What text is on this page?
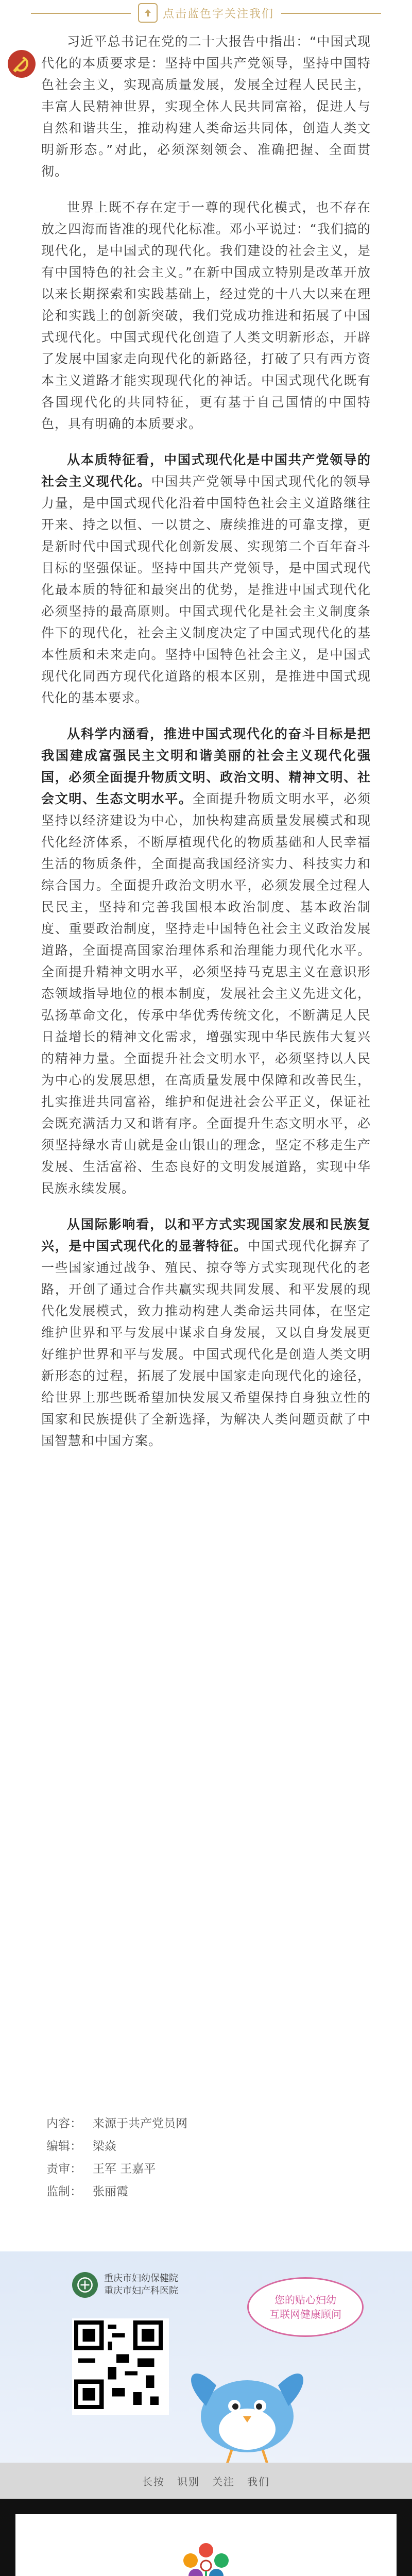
点击蓝色字关注我们

习近平总书记在党的二十大报告中指出：“中国式现代化的本质要求是：坚持中国共产党领导，坚持中国特色社会主义，实现高质量发展，发展全过程人民民主，丰富人民精神世界，实现全体人民共同富裕，促进人与自然和谐共生，推动构建人类命运共同体，创造人类文明新形态。”对此，必须深刻领会、准确把握、全面贯彻。

世界上既不存在定于一尊的现代化模式，也不存在放之四海而皆准的现代化标准。邓小平说过：“我们搞的现代化，是中国式的现代化。我们建设的社会主义，是有中国特色的社会主义。”在新中国成立特别是改革开放以来长期探索和实践基础上，经过党的十八大以来在理论和实践上的创新突破，我们党成功推进和拓展了中国式现代化。中国式现代化创造了人类文明新形态，开辟了发展中国家走向现代化的新路径，打破了只有西方资本主义道路才能实现现代化的神话。中国式现代化既有各国现代化的共同特征，更有基于自己国情的中国特色，具有明确的本质要求。

从本质特征看，中国式现代化是中国共产党领导的社会主义现代化。中国共产党领导中国式现代化的领导力量，是中国式现代化沿着中国特色社会主义道路继往开来、持之以恒、一以贯之、赓续推进的可靠支撑，更是新时代中国式现代化创新发展、实现第二个百年奋斗目标的坚强保证。坚持中国共产党领导，是中国式现代化最本质的特征和最突出的优势，是推进中国式现代化必须坚持的最高原则。中国式现代化是社会主义制度条件下的现代化，社会主义制度决定了中国式现代化的基本性质和未来走向。坚持中国特色社会主义，是中国式现代化同西方现代化道路的根本区别，是推进中国式现代化的基本要求。

从科学内涵看，推进中国式现代化的奋斗目标是把我国建成富强民主文明和谐美丽的社会主义现代化强国，必须全面提升物质文明、政治文明、精神文明、社会文明、生态文明水平。全面提升物质文明水平，必须坚持以经济建设为中心，加快构建高质量发展模式和现代化经济体系，不断厚植现代化的物质基础和人民幸福生活的物质条件，全面提高我国经济实力、科技实力和综合国力。全面提升政治文明水平，必须发展全过程人民民主，坚持和完善我国根本政治制度、基本政治制度、重要政治制度，坚持走中国特色社会主义政治发展道路，全面提高国家治理体系和治理能力现代化水平。全面提升精神文明水平，必须坚持马克思主义在意识形态领域指导地位的根本制度，发展社会主义先进文化，弘扬革命文化，传承中华优秀传统文化，不断满足人民日益增长的精神文化需求，增强实现中华民族伟大复兴的精神力量。全面提升社会文明水平，必须坚持以人民为中心的发展思想，在高质量发展中保障和改善民生，扎实推进共同富裕，维护和促进社会公平正义，保证社会既充满活力又和谐有序。全面提升生态文明水平，必须坚持绿水青山就是金山银山的理念，坚定不移走生产发展、生活富裕、生态良好的文明发展道路，实现中华民族永续发展。

从国际影响看，以和平方式实现国家发展和民族复兴，是中国式现代化的显著特征。中国式现代化摒弃了一些国家通过战争、殖民、掠夺等方式实现现代化的老路，开创了通过合作共赢实现共同发展、和平发展的现代化发展模式，致力推动构建人类命运共同体，在坚定维护世界和平与发展中谋求自身发展，又以自身发展更好维护世界和平与发展。中国式现代化是创造人类文明新形态的过程，拓展了发展中国家走向现代化的途径，给世界上那些既希望加快发展又希望保持自身独立性的国家和民族提供了全新选择，为解决人类问题贡献了中国智慧和中国方案。

内容： 来源于共产党员网
编辑： 梁焱
责审： 王军 王嘉平
监制： 张丽霞
重庆市妇幼保健院
重庆市妇产科医院
您的贴心妇幼
互联网健康顾问
长按 识别 关注 我们
